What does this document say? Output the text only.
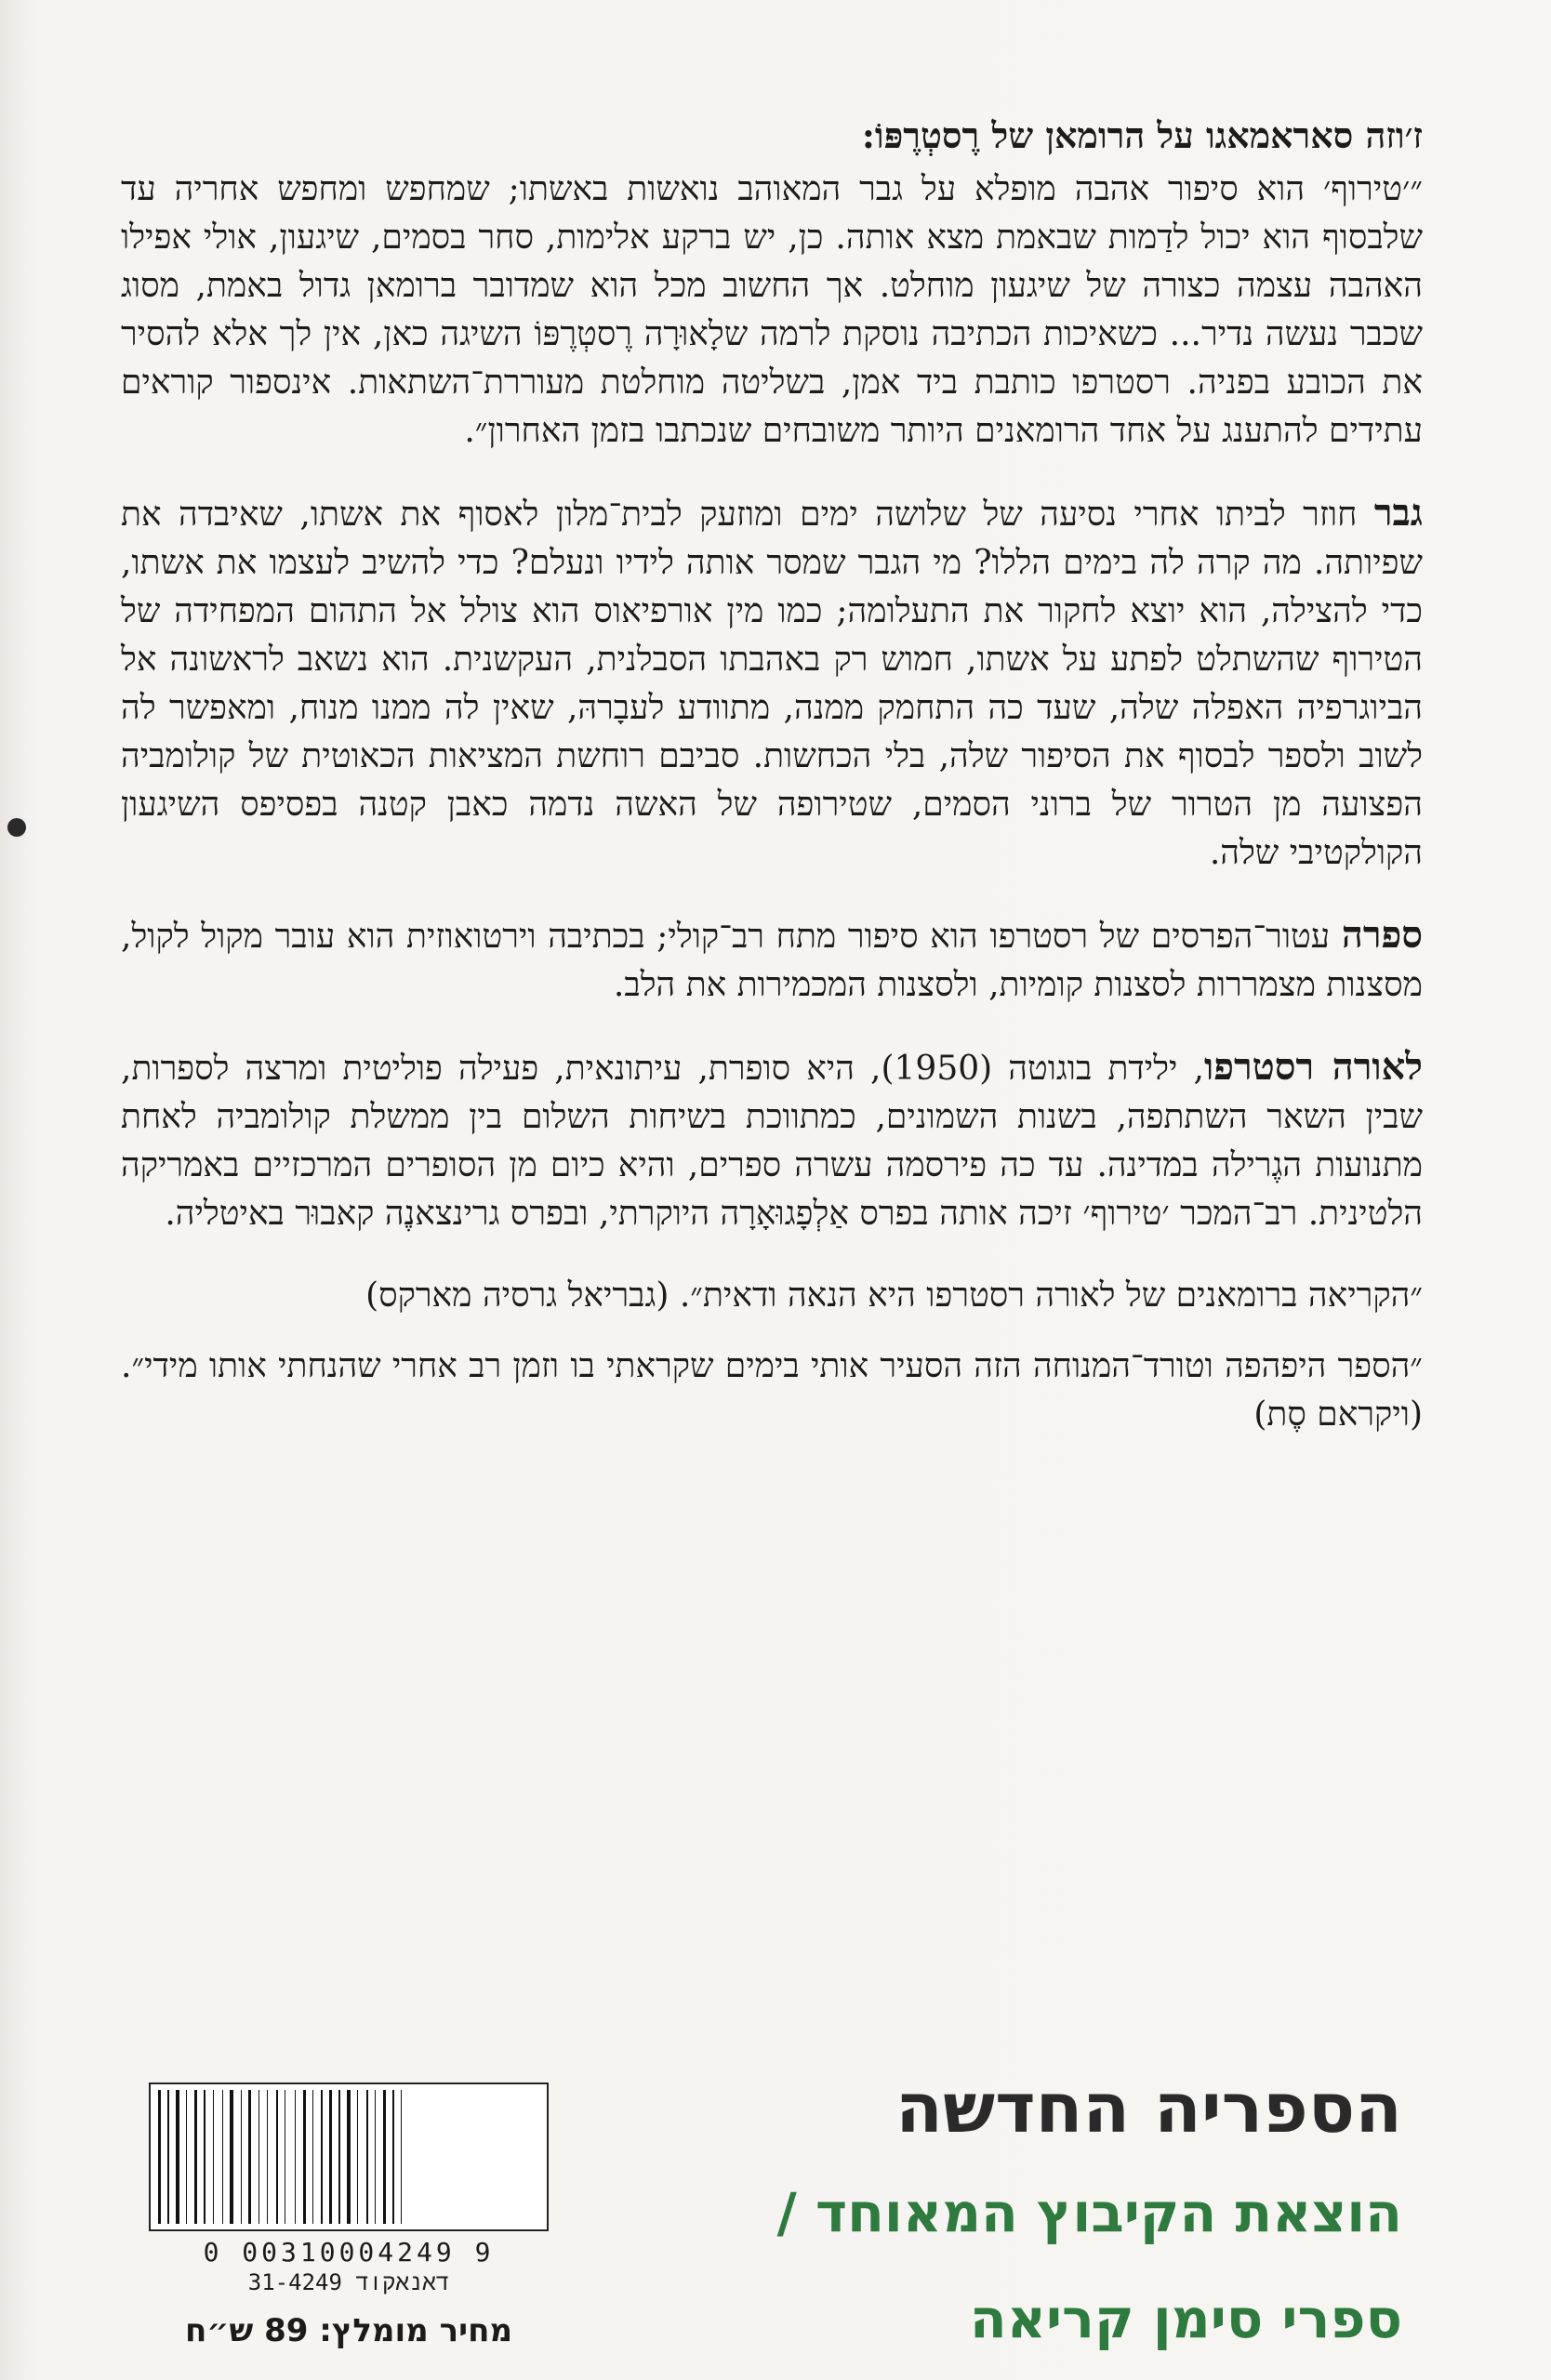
ז׳וזה סאראמאגו על הרומאן של רֶסטְרֶפּוֹ:
״׳טירוף׳ הוא סיפור אהבה מופלא על גבר המאוהב נואשות באשתו; שמחפש ומחפש אחריה עד שלבסוף הוא יכול לדַמות שבאמת מצא אותה. כן, יש ברקע אלימות, סחר בסמים, שיגעון, אולי אפילו האהבה עצמה כצורה של שיגעון מוחלט. אך החשוב מכל הוא שמדובר ברומאן גדול באמת, מסוג שכבר נעשה נדיר... כשאיכות הכתיבה נוסקת לרמה שלָאוּרָה רֶסטְרֶפּוֹ השיגה כאן, אין לך אלא להסיר את הכובע בפניה. רסטרפו כותבת ביד אמן, בשליטה מוחלטת מעוררת־השתאות. אינספור קוראים עתידים להתענג על אחד הרומאנים היותר משובחים שנכתבו בזמן האחרון״.
גבר חוזר לביתו אחרי נסיעה של שלושה ימים ומוזעק לבית־מלון לאסוף את אשתו, שאיבדה את שפיותה. מה קרה לה בימים הללו? מי הגבר שמסר אותה לידיו ונעלם? כדי להשיב לעצמו את אשתו, כדי להצילה, הוא יוצא לחקור את התעלומה; כמו מין אורפיאוס הוא צולל אל התהום המפחידה של הטירוף שהשתלט לפתע על אשתו, חמוש רק באהבתו הסבלנית, העקשנית. הוא נשאב לראשונה אל הביוגרפיה האפלה שלה, שעד כה התחמק ממנה, מתוודע לעבָרהּ, שאין לה ממנו מנוח, ומאפשר לה לשוב ולספר לבסוף את הסיפור שלה, בלי הכחשות. סביבם רוחשת המציאות הכאוטית של קולומביה הפצועה מן הטרור של ברוני הסמים, שטירופה של האשה נדמה כאבן קטנה בפסיפס השיגעון הקולקטיבי שלה.
ספרה עטור־הפרסים של רסטרפו הוא סיפור מתח רב־קולי; בכתיבה וירטואוזית הוא עובר מקול לקול, מסצנות מצמררות לסצנות קומיות, ולסצנות המכמירות את הלב.
לאורה רסטרפו, ילידת בוגוטה (1950), היא סופרת, עיתונאית, פעילה פוליטית ומרצה לספרות, שבין השאר השתתפה, בשנות השמונים, כמתווכת בשיחות השלום בין ממשלת קולומביה לאחת מתנועות הגֶרילה במדינה. עד כה פירסמה עשרה ספרים, והיא כיום מן הסופרים המרכזיים באמריקה הלטינית. רב־המכר ׳טירוף׳ זיכה אותה בפרס אַלְפָגוּאָרָה היוקרתי, ובפרס גרינצאנֶה קאבוּר באיטליה.
״הקריאה ברומאנים של לאורה רסטרפו היא הנאה ודאית״. (גבריאל גרסיה מארקס)
״הספר היפהפה וטורד־המנוחה הזה הסעיר אותי בימים שקראתי בו וזמן רב אחרי שהנחתי אותו מידי״. (ויקראם סֶת)
הספריה החדשה
הוצאת הקיבוץ המאוחד /
ספרי סימן קריאה
0 00310004249 9
31-4249 דאנאקוד
מחיר מומלץ: 89 ש״ח
